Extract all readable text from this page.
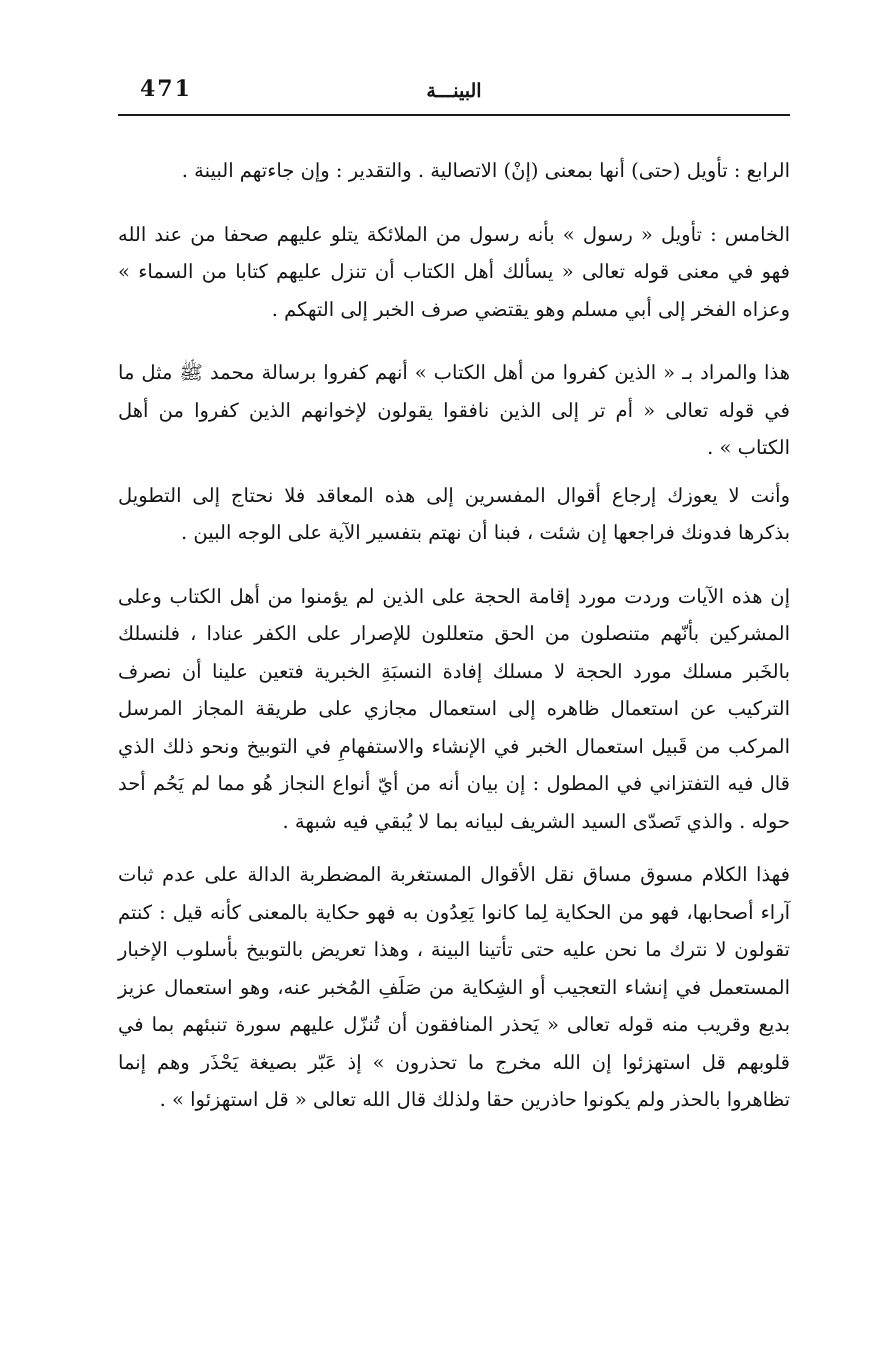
471	البينـــة

الرابع : تأويل (حتى) أنها بمعنى (إنْ) الاتصالية . والتقدير : وإن جاءتهم البينة .

الخامس : تأويل « رسول » بأنه رسول من الملائكة يتلو عليهم صحفا من عند الله فهو في معنى قوله تعالى « يسألك أهل الكتاب أن تنزل عليهم كتابا من السماء » وعزاه الفخر إلى أبي مسلم وهو يقتضي صرف الخبر إلى التهكم .

هذا والمراد بـ « الذين كفروا من أهل الكتاب » أنهم كفروا برسالة محمد ﷺ مثل ما في قوله تعالى « أم تر إلى الذين نافقوا يقولون لإخوانهم الذين كفروا من أهل الكتاب » .

وأنت لا يعوزك إرجاع أقوال المفسرين إلى هذه المعاقد فلا نحتاج إلى التطويل بذكرها فدونك فراجعها إن شئت ، فبنا أن نهتم بتفسير الآية على الوجه البين .

إن هذه الآيات وردت مورد إقامة الحجة على الذين لم يؤمنوا من أهل الكتاب وعلى المشركين بأنّهم متنصلون من الحق متعللون للإصرار على الكفر عنادا ، فلنسلك بالخَبر مسلك مورد الحجة لا مسلك إفادة النسبَةِ الخبرية فتعين علينا أن نصرف التركيب عن استعمال ظاهره إلى استعمال مجازي على طريقة المجاز المرسل المركب من قَبيل استعمال الخبر في الإنشاء والاستفهامِ في التوبيخ ونحو ذلك الذي قال فيه التفتزاني في المطول : إن بيان أنه من أيّ أنواع النجاز هُو مما لم يَحُم أحد حوله . والذي تَصدّى السيد الشريف لبيانه بما لا يُبقي فيه شبهة .

فهذا الكلام مسوق مساق نقل الأقوال المستغربة المضطربة الدالة على عدم ثبات آراء أصحابها، فهو من الحكاية لِما كانوا يَعِدُون به فهو حكاية بالمعنى كأنه قيل : كنتم تقولون لا نترك ما نحن عليه حتى تأتينا البينة ، وهذا تعريض بالتوبيخ بأسلوب الإخبار المستعمل في إنشاء التعجيب أو الشِكاية من صَلَفِ المُخبر عنه، وهو استعمال عزيز بديع وقريب منه قوله تعالى « يَحذر المنافقون أن تُنزّل عليهم سورة تنبئهم بما في قلوبهم قل استهزئوا إن الله مخرج ما تحذرون » إذ عَبّر بصيغة يَحْذَر وهم إنما تظاهروا بالحذر ولم يكونوا حاذرين حقا ولذلك قال الله تعالى « قل استهزئوا » .
